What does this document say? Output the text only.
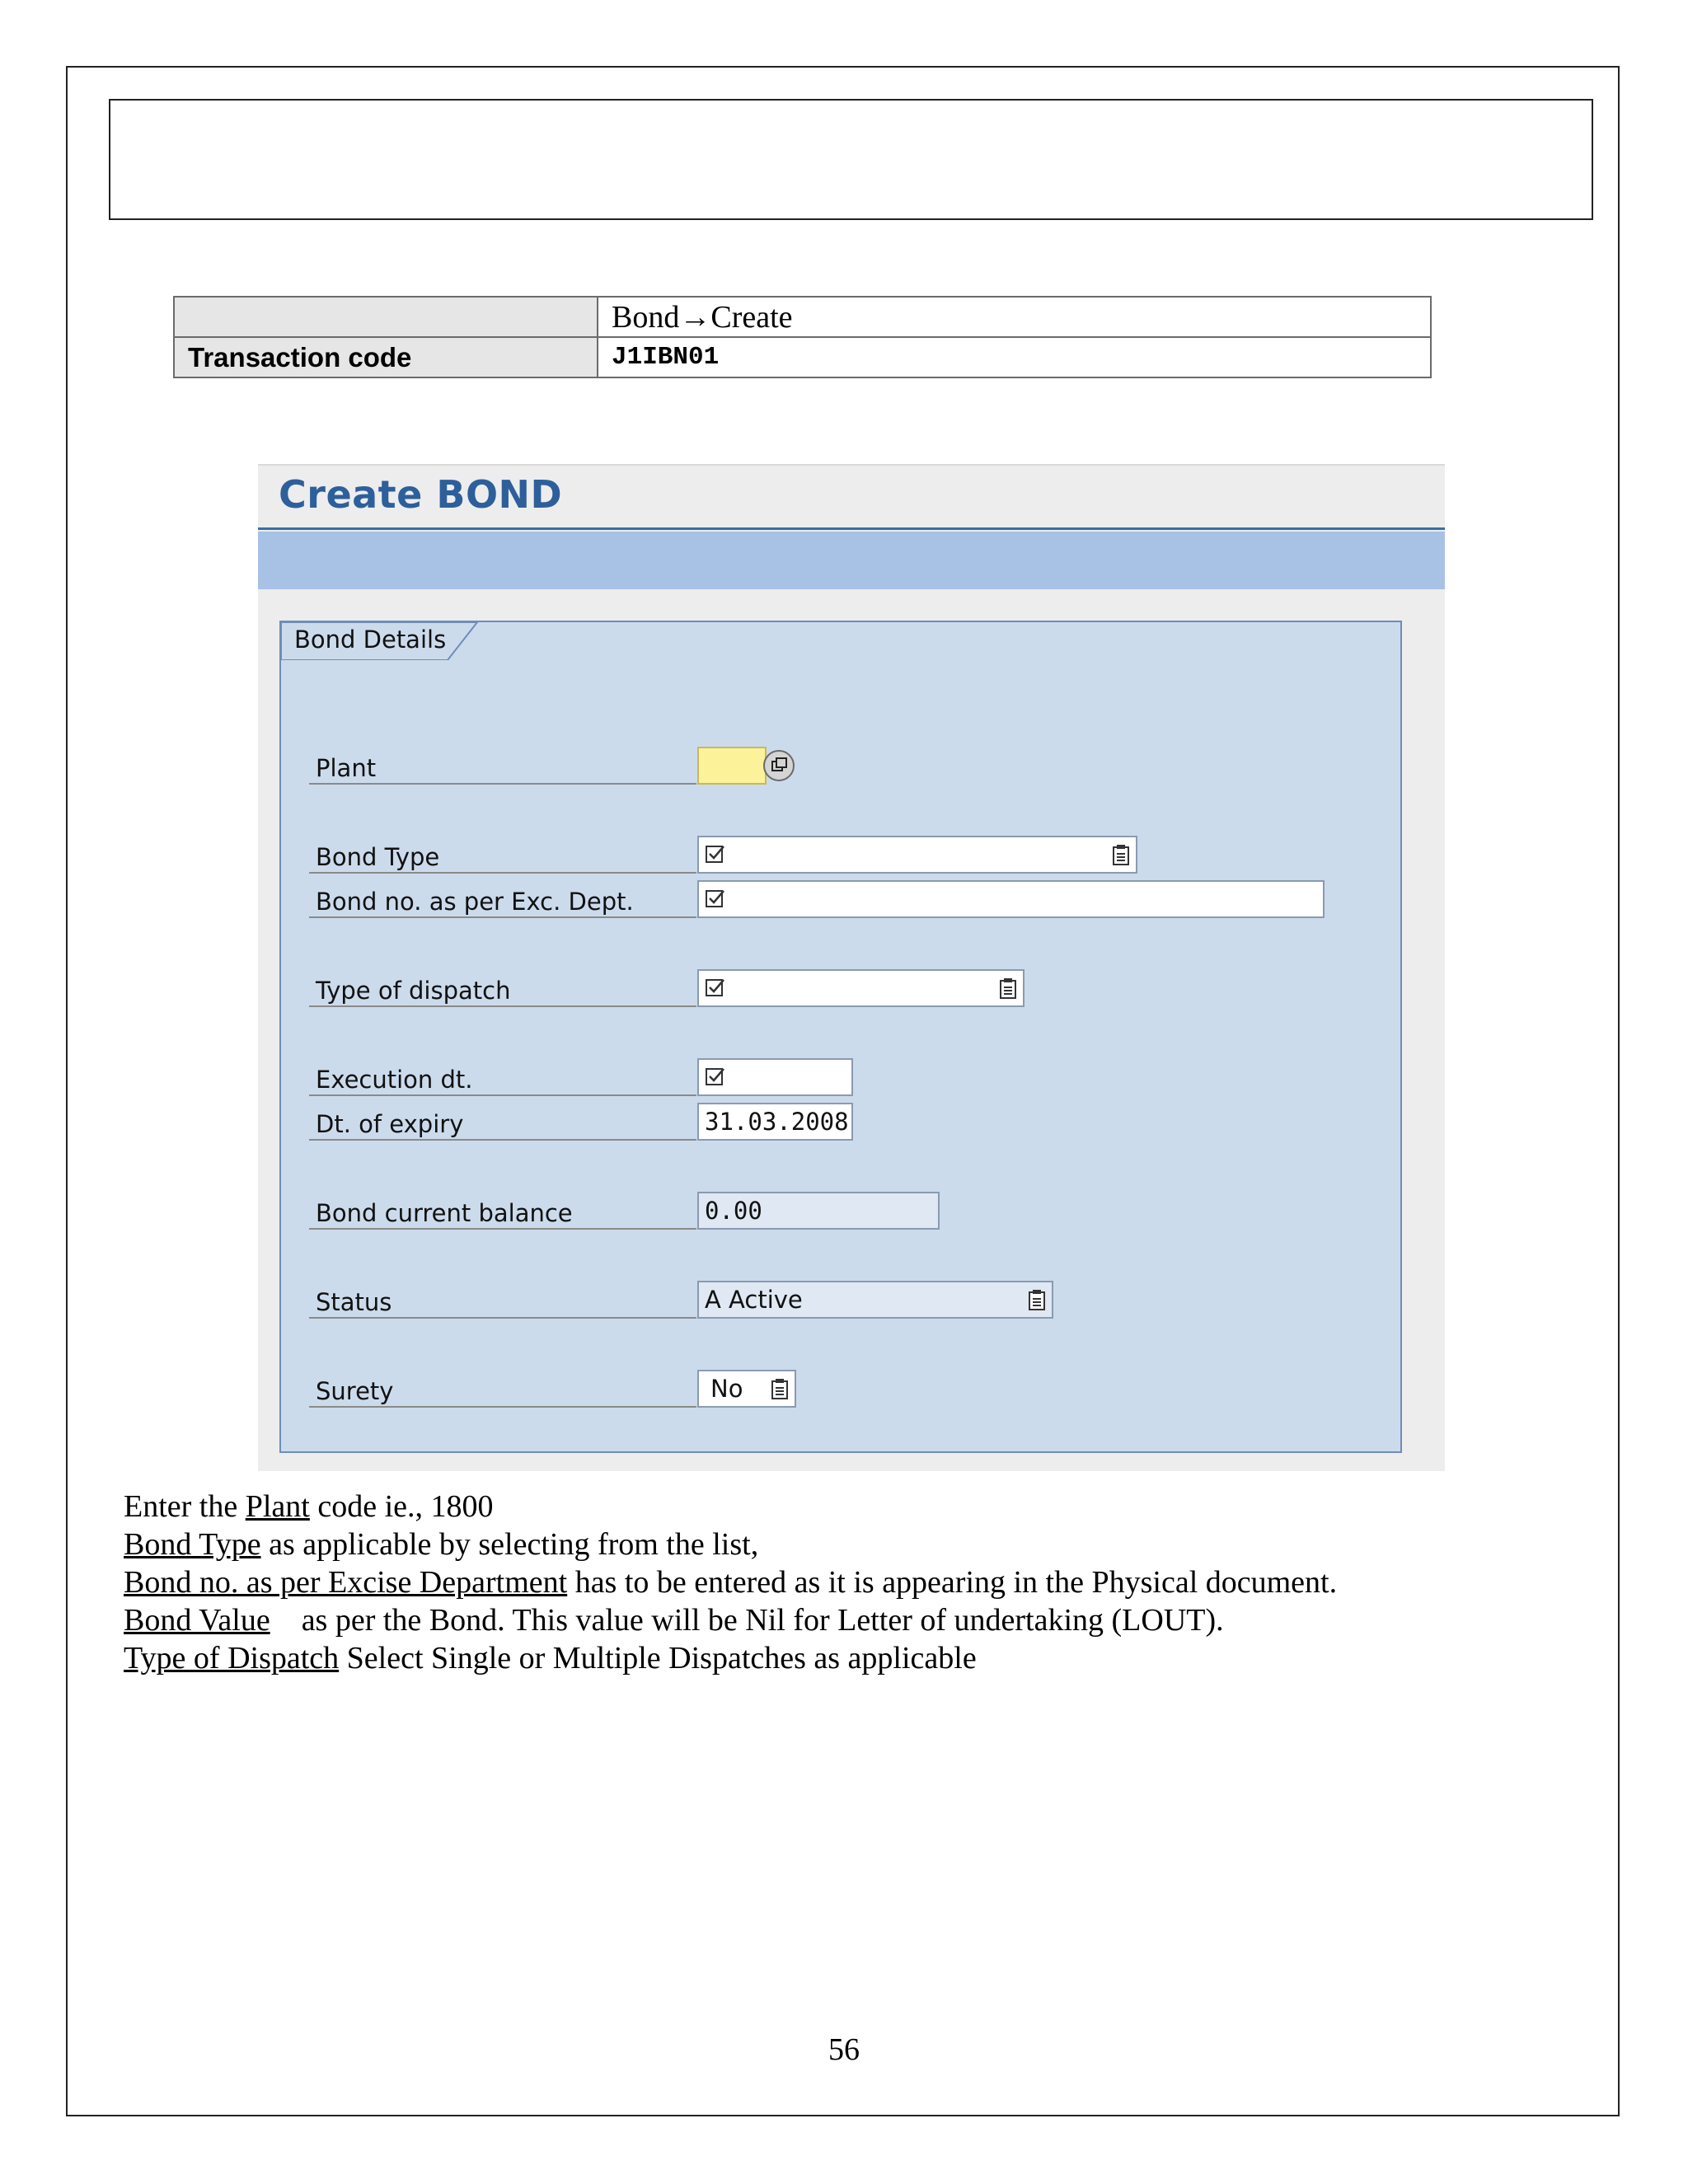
	Bond→Create
Transaction code	J1IBN01
Create BOND
Bond Details
Plant
Bond Type
Bond no. as per Exc. Dept.
Type of dispatch
Execution dt.
Dt. of expiry	31.03.2008
Bond current balance	0.00
Status	A Active
Surety	No

Enter the Plant code ie., 1800

Bond Type as applicable by selecting from the list,

Bond no. as per Excise Department has to be entered as it is appearing in the Physical document.

Bond Value    as per the Bond. This value will be Nil for Letter of undertaking (LOUT).

Type of Dispatch Select Single or Multiple Dispatches as applicable

56
